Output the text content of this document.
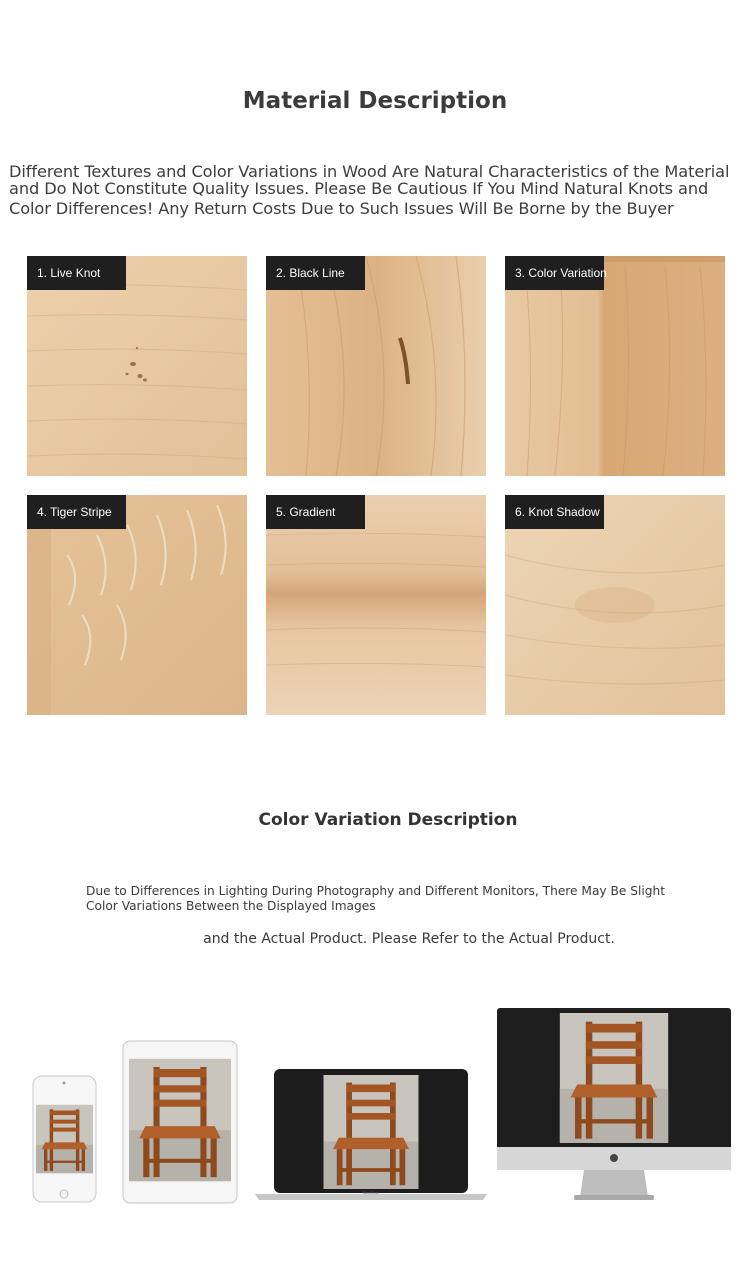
Material Description
Different Textures and Color Variations in Wood Are Natural Characteristics of the Material
and Do Not Constitute Quality Issues. Please Be Cautious If You Mind Natural Knots and
Color Differences! Any Return Costs Due to Such Issues Will Be Borne by the Buyer
1. Live Knot	2. Black Line	3. Color Variation
4. Tiger Stripe	5. Gradient	6. Knot Shadow
Color Variation Description
Due to Differences in Lighting During Photography and Different Monitors, There May Be Slight Color Variations Between the Displayed Images
and the Actual Product. Please Refer to the Actual Product.
MacBook
